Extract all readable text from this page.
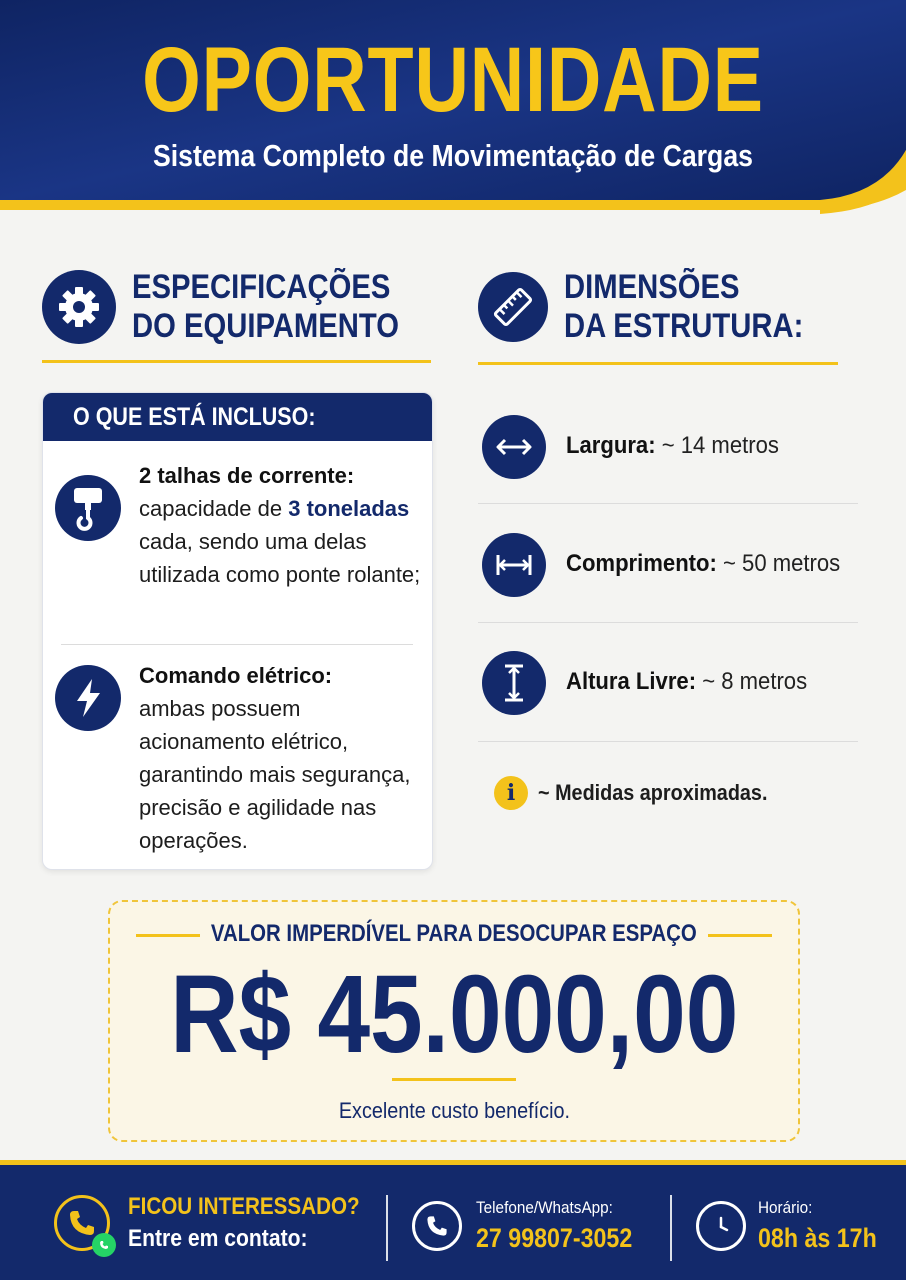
OPORTUNIDADE
Sistema Completo de Movimentação de Cargas
ESPECIFICAÇÕES
DO EQUIPAMENTO
DIMENSÕES
DA ESTRUTURA:
O QUE ESTÁ INCLUSO:
2 talhas de corrente:
capacidade de 3 toneladas cada, sendo uma delas utilizada como ponte rolante;
Comando elétrico:
ambas possuem acionamento elétrico, garantindo mais segurança, precisão e agilidade nas operações.
Largura: ~ 14 metros
Comprimento: ~ 50 metros
Altura Livre: ~ 8 metros
i	~ Medidas aproximadas.
VALOR IMPERDÍVEL PARA DESOCUPAR ESPAÇO
R$ 45.000,00
Excelente custo benefício.
FICOU INTERESSADO?
Entre em contato:
Telefone/WhatsApp:
27 99807-3052
Horário:
08h às 17h
